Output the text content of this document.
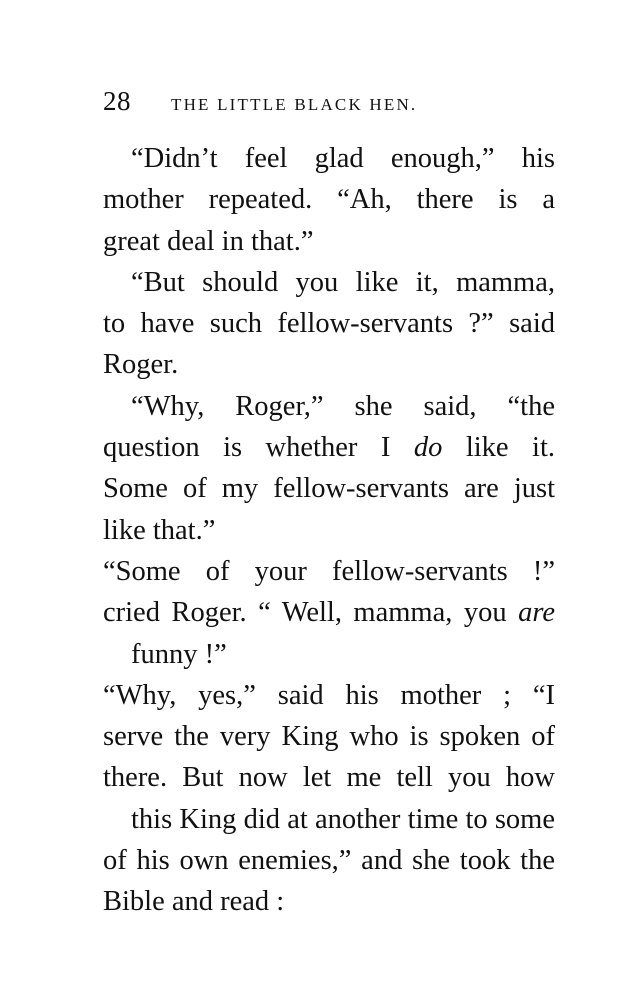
28 THE LITTLE BLACK HEN.
“Didn’t feel glad enough,” his
mother repeated. “Ah, there is a
great deal in that.”
“But should you like it, mamma,
to have such fellow-servants ?” said
Roger.
“Why, Roger,” she said, “the
question is whether I do like it.
Some of my fellow-servants are just
like that.”
“Some of your fellow-servants !”
cried Roger. “ Well, mamma, you are
funny !”
“Why, yes,” said his mother ; “I
serve the very King who is spoken of
there. But now let me tell you how
this King did at another time to some
of his own enemies,” and she took the
Bible and read :
